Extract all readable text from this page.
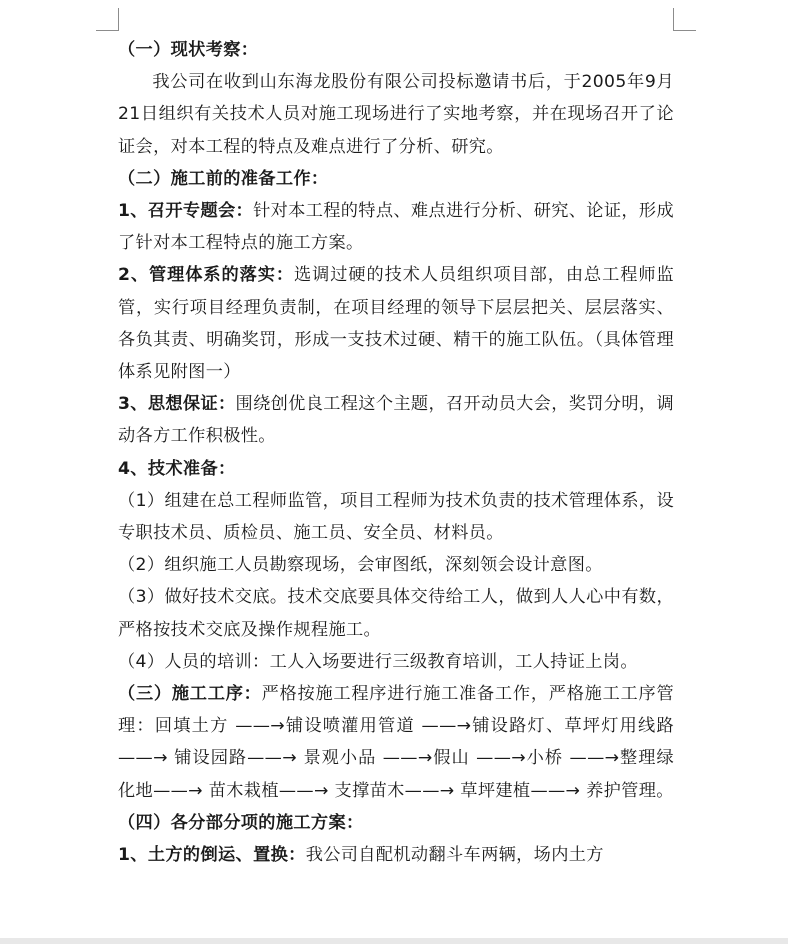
（一）现状考察：

我公司在收到山东海龙股份有限公司投标邀请书后，于2005年9月21日组织有关技术人员对施工现场进行了实地考察，并在现场召开了论证会，对本工程的特点及难点进行了分析、研究。

（二）施工前的准备工作：

1、召开专题会：针对本工程的特点、难点进行分析、研究、论证，形成了针对本工程特点的施工方案。

2、管理体系的落实：选调过硬的技术人员组织项目部，由总工程师监管，实行项目经理负责制，在项目经理的领导下层层把关、层层落实、各负其责、明确奖罚，形成一支技术过硬、精干的施工队伍。（具体管理体系见附图一）

3、思想保证：围绕创优良工程这个主题，召开动员大会，奖罚分明，调动各方工作积极性。

4、技术准备：

（1）组建在总工程师监管，项目工程师为技术负责的技术管理体系，设专职技术员、质检员、施工员、安全员、材料员。

（2）组织施工人员勘察现场，会审图纸，深刻领会设计意图。

（3）做好技术交底。技术交底要具体交待给工人，做到人人心中有数，严格按技术交底及操作规程施工。

（4）人员的培训：工人入场要进行三级教育培训，工人持证上岗。

（三）施工工序：严格按施工程序进行施工准备工作，严格施工工序管理：回填土方 ——→铺设喷灌用管道 ——→铺设路灯、草坪灯用线路——→ 铺设园路——→ 景观小品 ——→假山 ——→小桥 ——→整理绿化地——→ 苗木栽植——→ 支撑苗木——→ 草坪建植——→ 养护管理。

（四）各分部分项的施工方案：

1、土方的倒运、置换：我公司自配机动翻斗车两辆，场内土方
